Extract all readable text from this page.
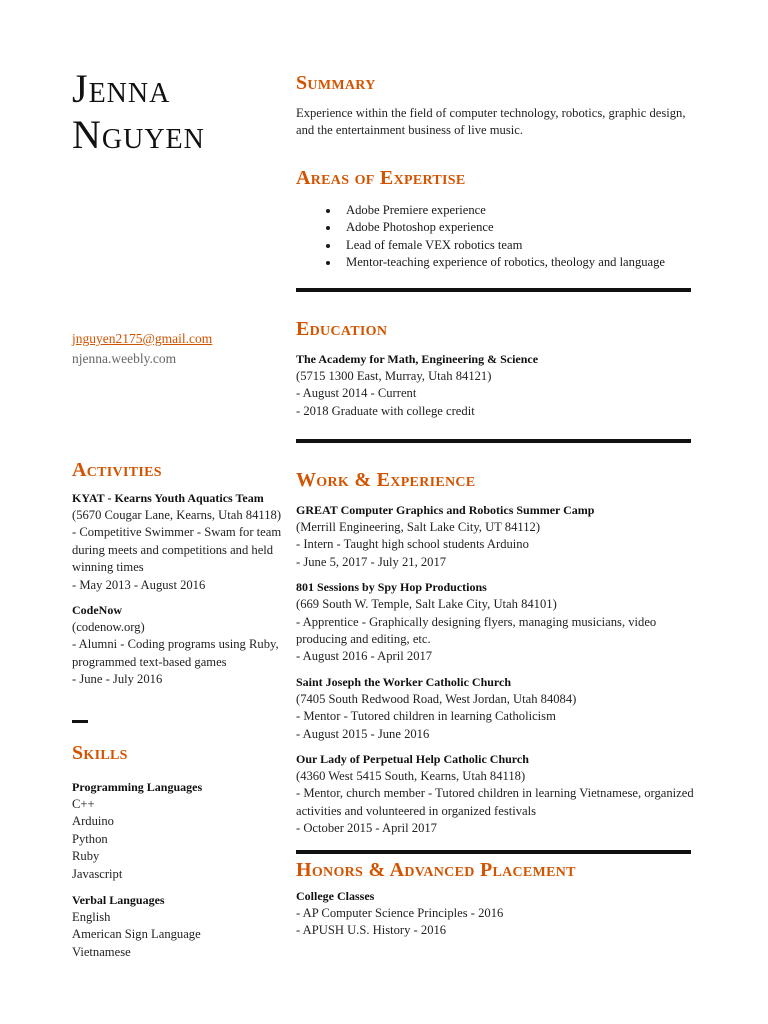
Jenna
Nguyen
Summary
Experience within the field of computer technology, robotics, graphic design, and the entertainment business of live music.
Areas of Expertise
• Adobe Premiere experience
• Adobe Photoshop experience
• Lead of female VEX robotics team
• Mentor-teaching experience of robotics, theology and language
jnguyen2175@gmail.com
njenna.weebly.com
Education
The Academy for Math, Engineering & Science
(5715 1300 East, Murray, Utah 84121)
- August 2014 - Current
- 2018 Graduate with college credit
Activities
KYAT - Kearns Youth Aquatics Team
(5670 Cougar Lane, Kearns, Utah 84118)
- Competitive Swimmer - Swam for team during meets and competitions and held winning times
- May 2013 - August 2016
CodeNow
(codenow.org)
- Alumni - Coding programs using Ruby, programmed text-based games
- June - July 2016
Skills
Programming Languages
C++
Arduino
Python
Ruby
Javascript
Verbal Languages
English
American Sign Language
Vietnamese
Work & Experience
GREAT Computer Graphics and Robotics Summer Camp
(Merrill Engineering, Salt Lake City, UT 84112)
- Intern - Taught high school students Arduino
- June 5, 2017 - July 21, 2017
801 Sessions by Spy Hop Productions
(669 South W. Temple, Salt Lake City, Utah 84101)
- Apprentice - Graphically designing flyers, managing musicians, video producing and editing, etc.
- August 2016 - April 2017
Saint Joseph the Worker Catholic Church
(7405 South Redwood Road, West Jordan, Utah 84084)
- Mentor - Tutored children in learning Catholicism
- August 2015 - June 2016
Our Lady of Perpetual Help Catholic Church
(4360 West 5415 South, Kearns, Utah 84118)
- Mentor, church member - Tutored children in learning Vietnamese, organized activities and volunteered in organized festivals
- October 2015 - April 2017
Honors & Advanced Placement
College Classes
- AP Computer Science Principles - 2016
- APUSH U.S. History - 2016
